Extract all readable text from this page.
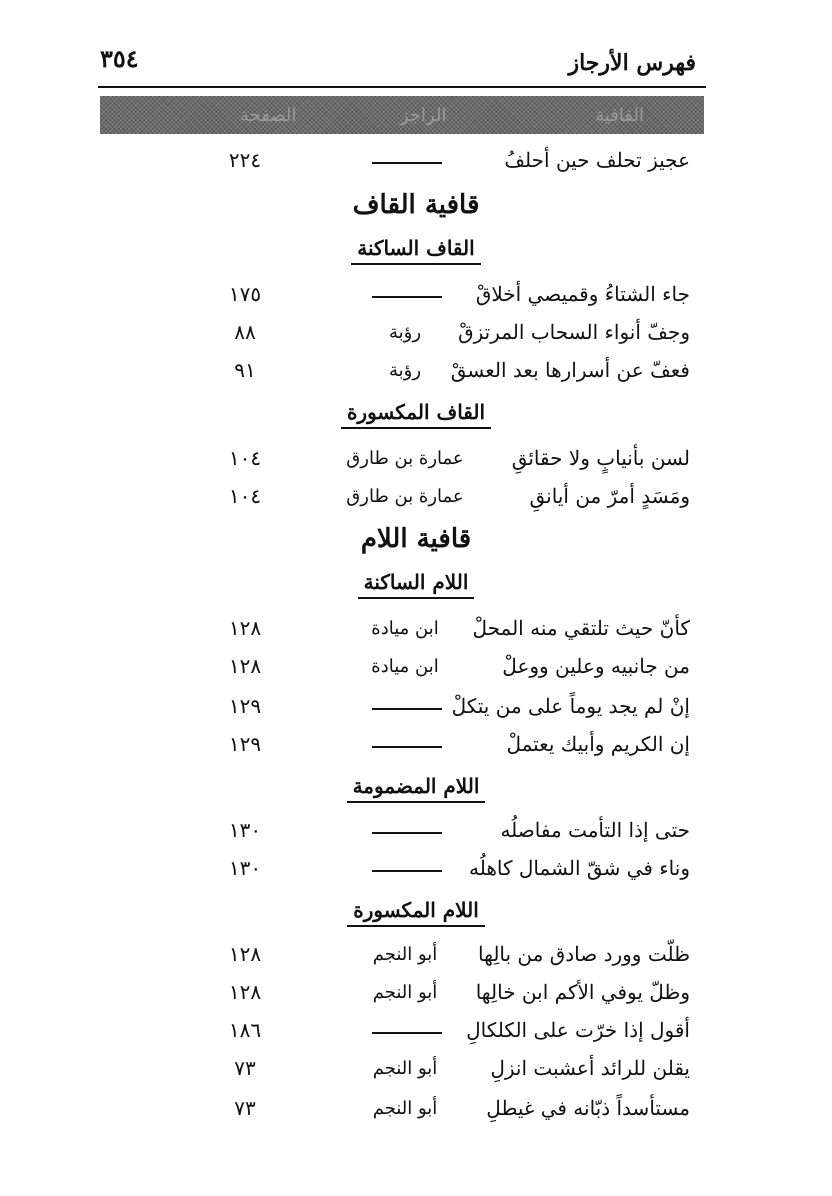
٣٥٤	فهرس الأرجاز
القافية
الراجز
الصفحة
عجيز تحلف حين أحلفُ
٢٢٤
قافية القاف
القاف الساكنة
جاء الشتاءُ وقميصي أخلاقْ
١٧٥
وجفّ أنواء السحاب المرتزقْ
رؤبة
٨٨
فعفّ عن أسرارها بعد العسقْ
رؤبة
٩١
القاف المكسورة
لسن بأنيابٍ ولا حقائقِ
عمارة بن طارق
١٠٤
ومَسَدٍ أمرّ من أيانقِ
عمارة بن طارق
١٠٤
قافية اللام
اللام الساكنة
كأنّ حيث تلتقي منه المحلْ
ابن ميادة
١٢٨
من جانبيه وعلين ووعلْ
ابن ميادة
١٢٨
إنْ لم يجد يوماً على من يتكلْ
١٢٩
إن الكريم وأبيك يعتملْ
١٢٩
اللام المضمومة
حتى إذا التأمت مفاصلُه
١٣٠
وناء في شقّ الشمال كاهلُه
١٣٠
اللام المكسورة
ظلّت وورد صادق من بالِها
أبو النجم
١٢٨
وظلّ يوفي الأكم ابن خالِها
أبو النجم
١٢٨
أقول إذا خرّت على الكلكالِ
١٨٦
يقلن للرائد أعشبت انزلِ
أبو النجم
٧٣
مستأسداً ذبّانه في غيطلِ
أبو النجم
٧٣
